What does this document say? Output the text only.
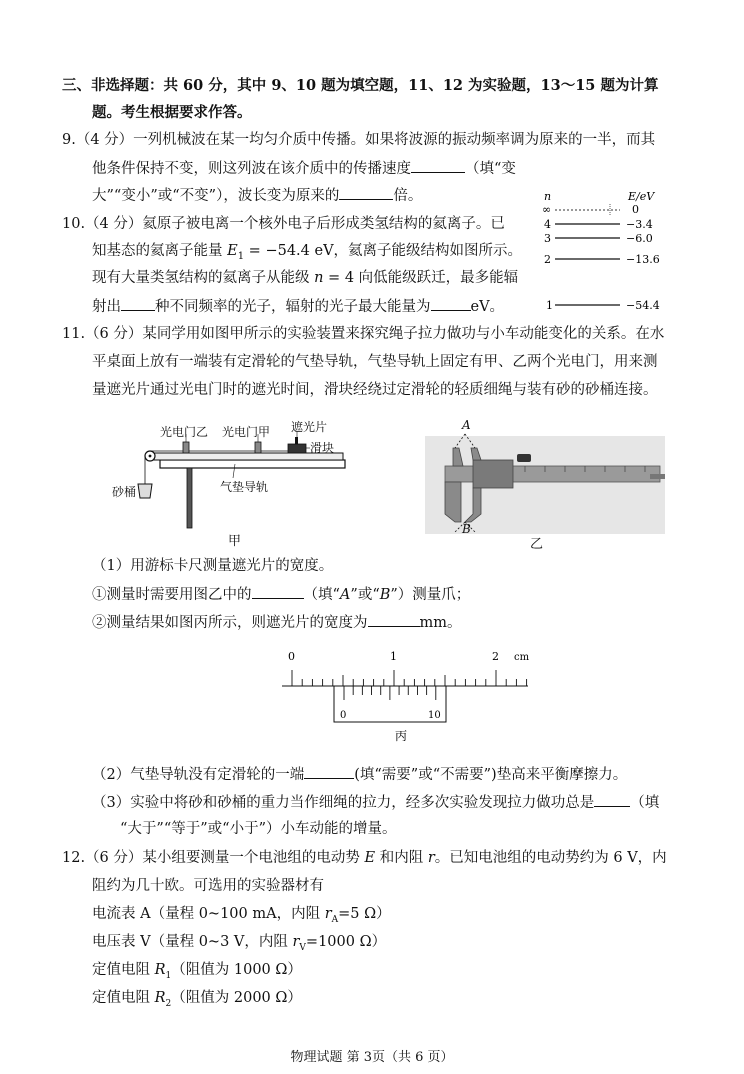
三、非选择题：共 60 分，其中 9、10 题为填空题，11、12 为实验题，13～15 题为计算
题。考生根据要求作答。
9.（4 分）一列机械波在某一均匀介质中传播。如果将波源的振动频率调为原来的一半，而其
他条件保持不变，则这列波在该介质中的传播速度	（填“变
大”“变小”或“不变”），波长变为原来的	倍。
10.（4 分）氦原子被电离一个核外电子后形成类氢结构的氦离子。已
知基态的氦离子能量 $E_1 = -54.4$ eV，氦离子能级结构如图所示。
现有大量类氢结构的氦离子从能级 n = 4 向低能级跃迁，最多能辐
射出 种不同频率的光子，辐射的光子最大能量为	eV。
n	E/eV
∞	0
4	−3.4
3	−6.0
2	−13.6
1	−54.4
11.（6 分）某同学用如图甲所示的实验装置来探究绳子拉力做功与小车动能变化的关系。在水
平桌面上放有一端装有定滑轮的气垫导轨，气垫导轨上固定有甲、乙两个光电门，用来测
量遮光片通过光电门时的遮光时间，滑块经绕过定滑轮的轻质细绳与装有砂的砂桶连接。
光电门乙 光电门甲 遮光片
滑块
砂桶	气垫导轨
甲
A
B
乙
（1）用游标卡尺测量遮光片的宽度。
①测量时需要用图乙中的	（填“A”或“B”）测量爪；
②测量结果如图丙所示，则遮光片的宽度为	mm。
0	1	2 cm
0	10
丙
（2）气垫导轨没有定滑轮的一端	(填“需要”或“不需要”)垫高来平衡摩擦力。
（3）实验中将砂和砂桶的重力当作细绳的拉力，经多次实验发现拉力做功总是 （填
“大于”“等于”或“小于”）小车动能的增量。
12.（6 分）某小组要测量一个电池组的电动势 E 和内阻 r。已知电池组的电动势约为 6 V，内
阻约为几十欧。可选用的实验器材有
电流表 A（量程 0~100 mA，内阻 $r_A=5$ Ω）
电压表 V（量程 0~3 V，内阻 $r_V=1000$ Ω）
定值电阻 $R_1$（阻值为 1000 Ω）
定值电阻 $R_2$（阻值为 2000 Ω）
物理试题 第 3页（共 6 页）
